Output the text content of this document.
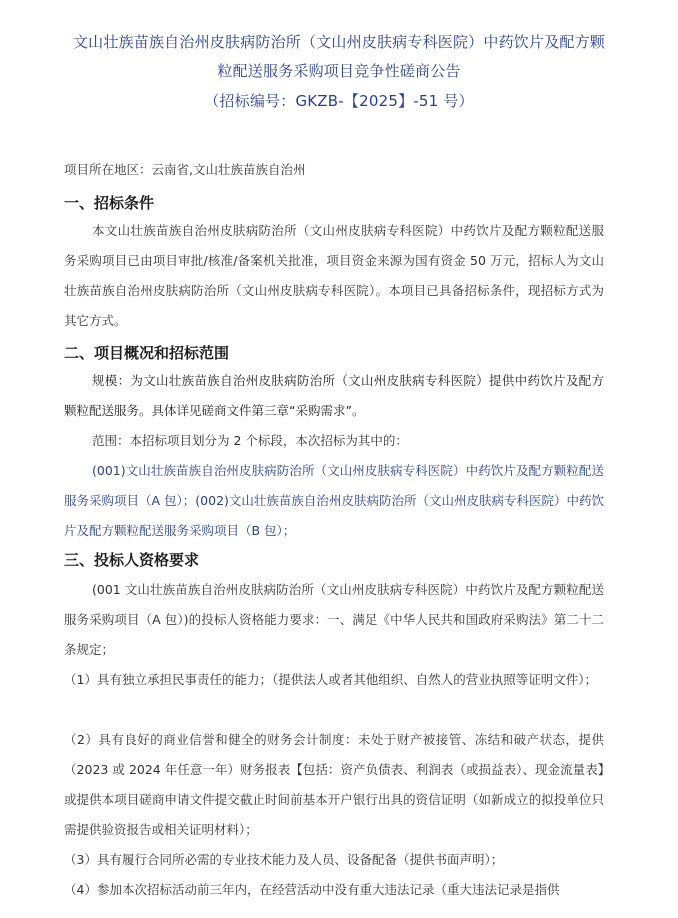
文山壮族苗族自治州皮肤病防治所（文山州皮肤病专科医院）中药饮片及配方颗
粒配送服务采购项目竞争性磋商公告
（招标编号：GKZB-【2025】-51 号）
项目所在地区：云南省,文山壮族苗族自治州
一、招标条件
本文山壮族苗族自治州皮肤病防治所（文山州皮肤病专科医院）中药饮片及配方颗粒配送服务采购项目已由项目审批/核准/备案机关批准，项目资金来源为国有资金 50 万元，招标人为文山壮族苗族自治州皮肤病防治所（文山州皮肤病专科医院）。本项目已具备招标条件，现招标方式为其它方式。
二、项目概况和招标范围
规模：为文山壮族苗族自治州皮肤病防治所（文山州皮肤病专科医院）提供中药饮片及配方颗粒配送服务。具体详见磋商文件第三章“采购需求”。
范围：本招标项目划分为 2 个标段，本次招标为其中的：
(001)文山壮族苗族自治州皮肤病防治所（文山州皮肤病专科医院）中药饮片及配方颗粒配送服务采购项目（A 包）；(002)文山壮族苗族自治州皮肤病防治所（文山州皮肤病专科医院）中药饮片及配方颗粒配送服务采购项目（B 包）；
三、投标人资格要求
(001 文山壮族苗族自治州皮肤病防治所（文山州皮肤病专科医院）中药饮片及配方颗粒配送服务采购项目（A 包）)的投标人资格能力要求：一、满足《中华人民共和国政府采购法》第二十二条规定；
（1）具有独立承担民事责任的能力；（提供法人或者其他组织、自然人的营业执照等证明文件）；
（2）具有良好的商业信誉和健全的财务会计制度：未处于财产被接管、冻结和破产状态，提供（2023 或 2024 年任意一年）财务报表【包括：资产负债表、利润表（或损益表）、现金流量表】或提供本项目磋商申请文件提交截止时间前基本开户银行出具的资信证明（如新成立的拟投单位只需提供验资报告或相关证明材料）；
（3）具有履行合同所必需的专业技术能力及人员、设备配备（提供书面声明）；
（4）参加本次招标活动前三年内，在经营活动中没有重大违法记录（重大违法记录是指供
